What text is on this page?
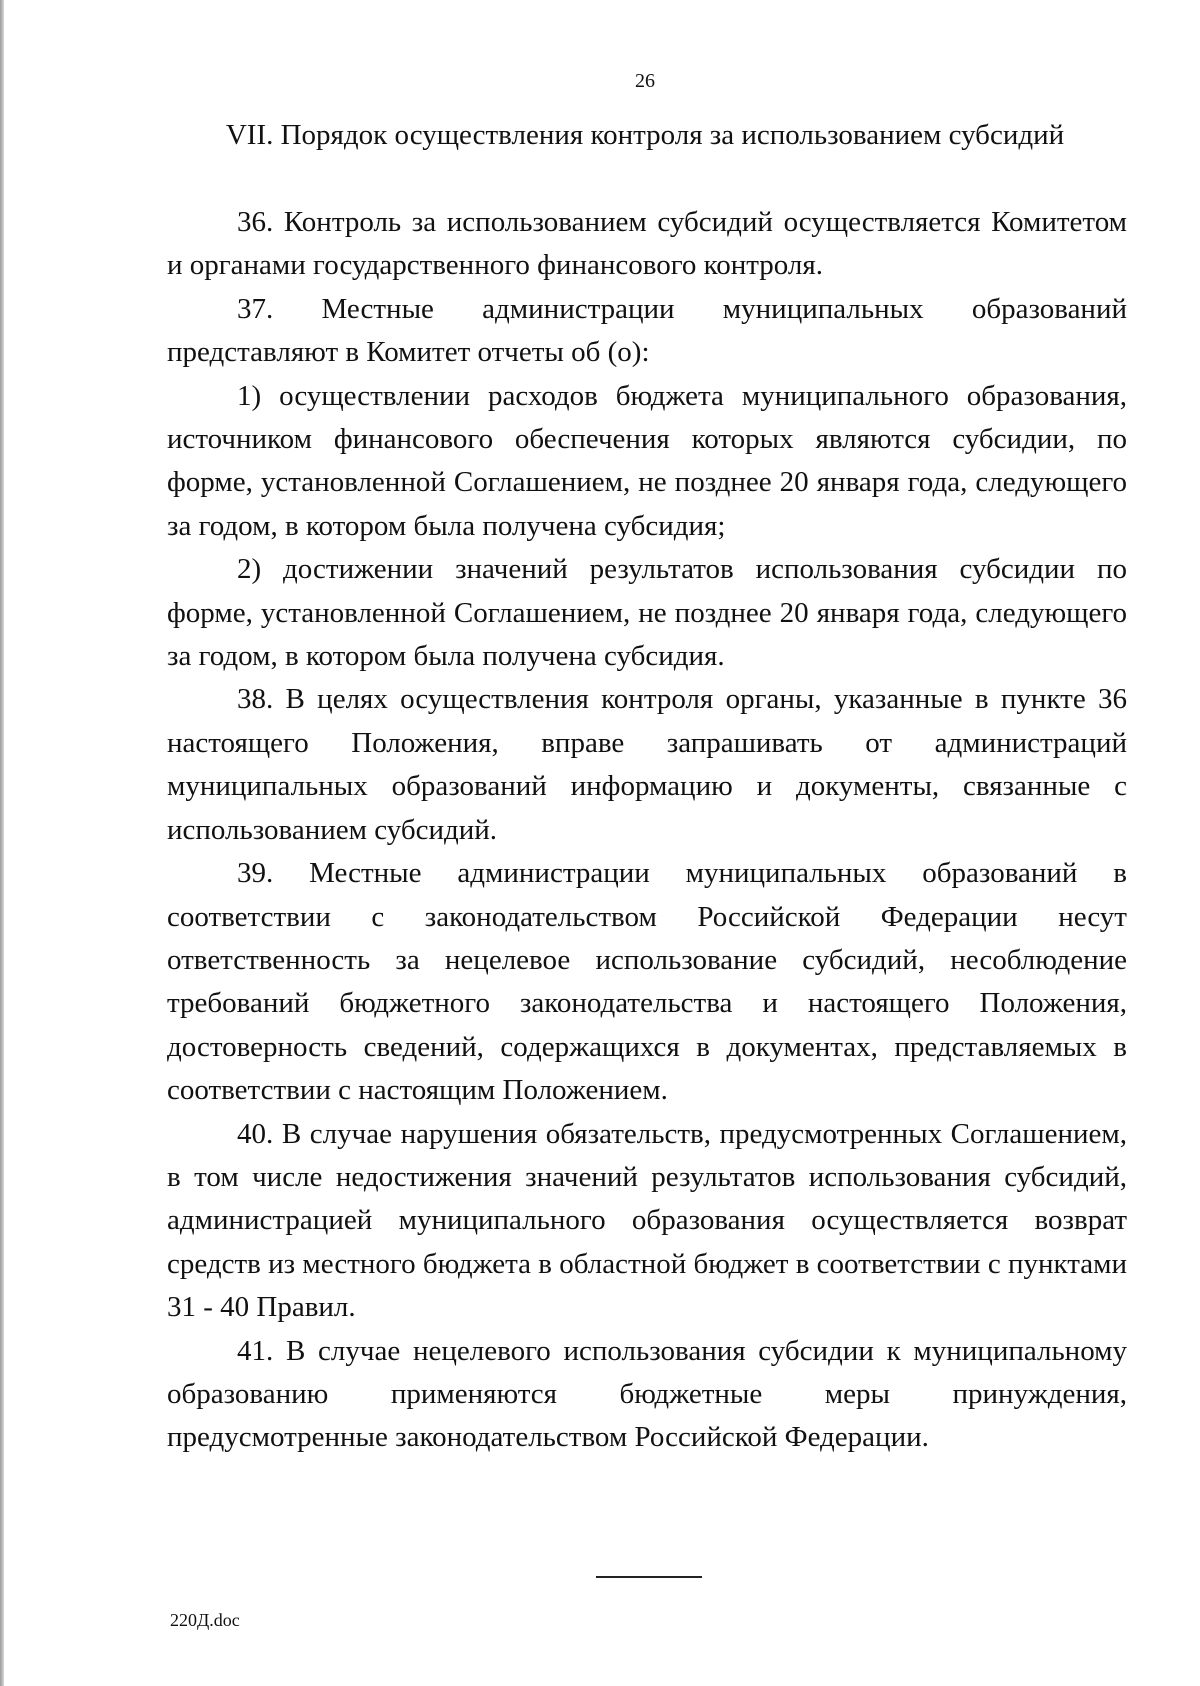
26
VII. Порядок осуществления контроля за использованием субсидий

36. Контроль за использованием субсидий осуществляется Комитетом и органами государственного финансового контроля.

37. Местные администрации муниципальных образований представляют в Комитет отчеты об (о):

1) осуществлении расходов бюджета муниципального образования, источником финансового обеспечения которых являются субсидии, по форме, установленной Соглашением, не позднее 20 января года, следующего за годом, в котором была получена субсидия;

2) достижении значений результатов использования субсидии по форме, установленной Соглашением, не позднее 20 января года, следующего за годом, в котором была получена субсидия.

38. В целях осуществления контроля органы, указанные в пункте 36 настоящего Положения, вправе запрашивать от администраций муниципальных образований информацию и документы, связанные с использованием субсидий.

39. Местные администрации муниципальных образований в соответствии с законодательством Российской Федерации несут ответственность за нецелевое использование субсидий, несоблюдение требований бюджетного законодательства и настоящего Положения, достоверность сведений, содержащихся в документах, представляемых в соответствии с настоящим Положением.

40. В случае нарушения обязательств, предусмотренных Соглашением, в том числе недостижения значений результатов использования субсидий, администрацией муниципального образования осуществляется возврат средств из местного бюджета в областной бюджет в соответствии с пунктами 31 - 40 Правил.

41. В случае нецелевого использования субсидии к муниципальному образованию применяются бюджетные меры принуждения, предусмотренные законодательством Российской Федерации.

220Д.doc
